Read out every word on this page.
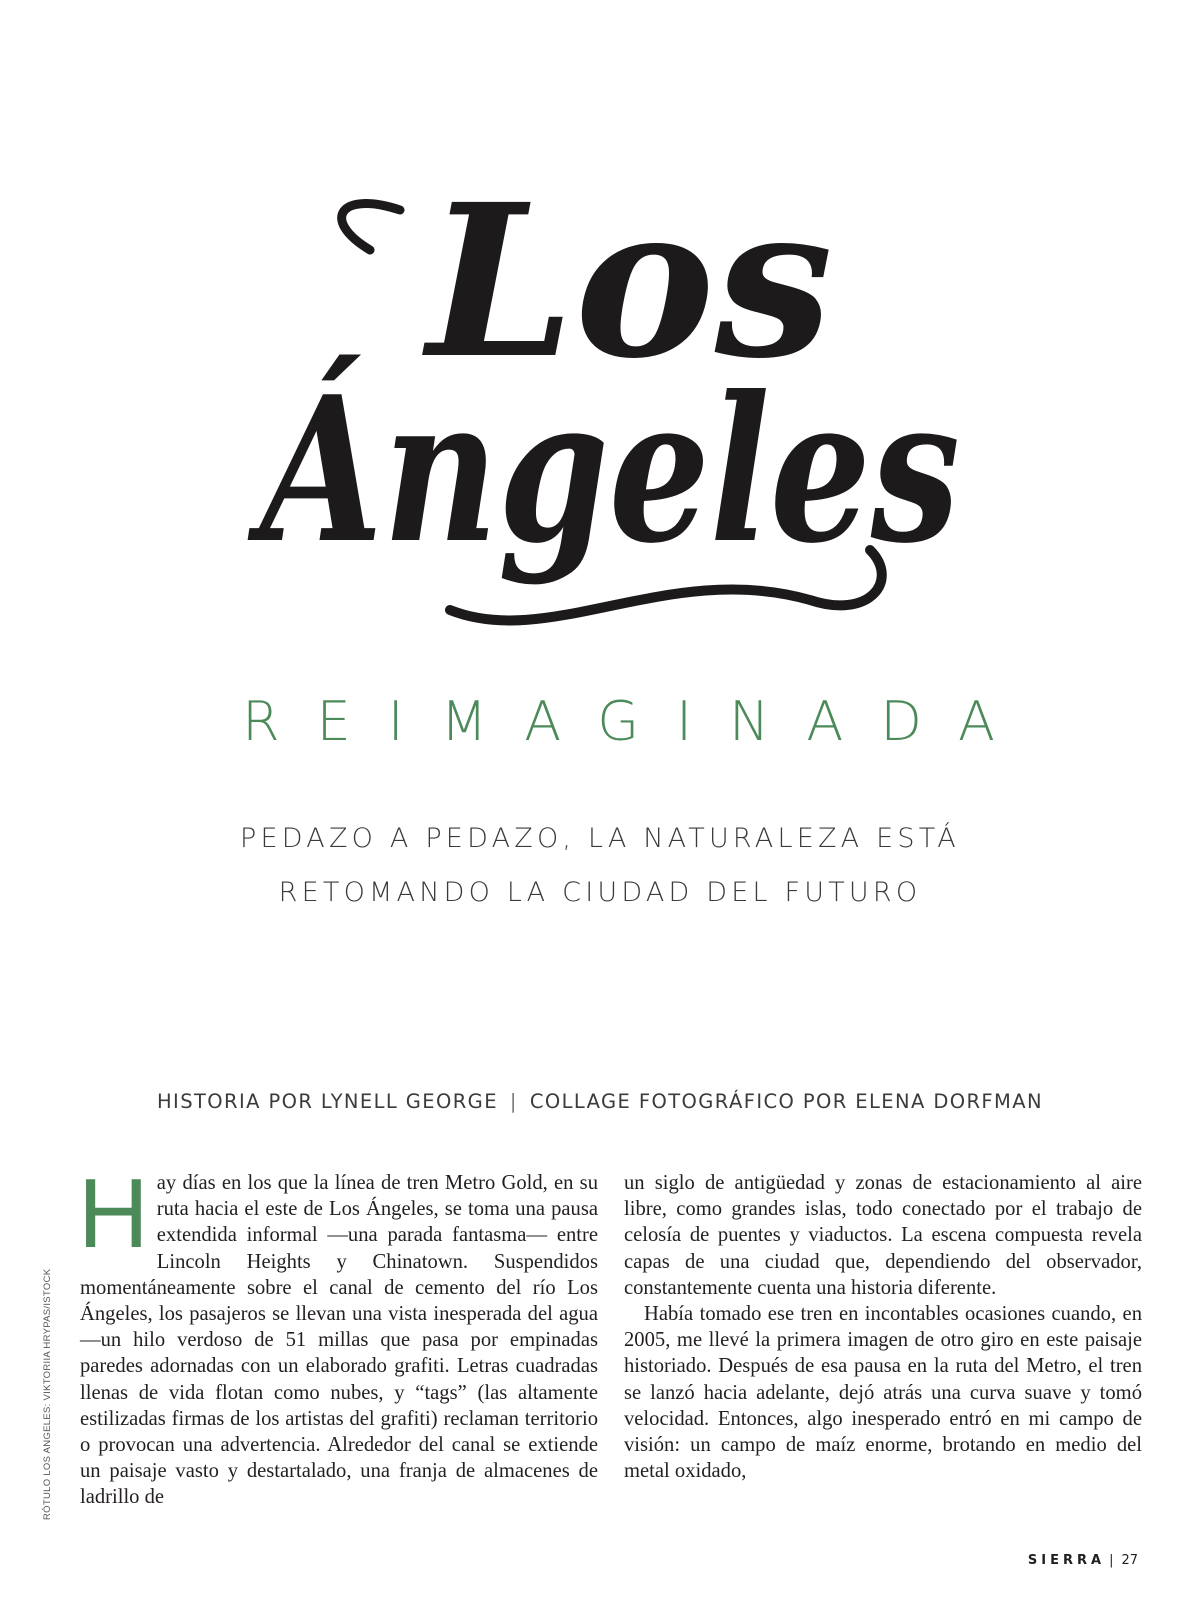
Los
Ángeles
REIMAGINADA
PEDAZO A PEDAZO, LA NATURALEZA ESTÁ
RETOMANDO LA CIUDAD DEL FUTURO
HISTORIA POR LYNELL GEORGE | COLLAGE FOTOGRÁFICO POR ELENA DORFMAN
RÓTULO LOS ANGELES: VIKTORIIA HRYPAS/ISTOCK

Hay días en los que la línea de tren Metro Gold, en su ruta hacia el este de Los Ángeles, se toma una pausa extendida informal —una parada fantasma— entre Lincoln Heights y Chinatown. Suspendidos momentáneamente sobre el canal de cemento del río Los Ángeles, los pasajeros se llevan una vista inesperada del agua —un hilo verdoso de 51 millas que pasa por empinadas paredes adornadas con un elaborado grafiti. Letras cuadradas llenas de vida flotan como nubes, y “tags” (las altamente estilizadas firmas de los artistas del grafiti) reclaman territorio o provocan una advertencia. Alrededor del canal se extiende un paisaje vasto y destartalado, una franja de almacenes de ladrillo de

un siglo de antigüedad y zonas de estacionamiento al aire libre, como grandes islas, todo conectado por el trabajo de celosía de puentes y viaductos. La escena compuesta revela capas de una ciudad que, dependiendo del observador, constantemente cuenta una historia diferente.

Había tomado ese tren en incontables ocasiones cuando, en 2005, me llevé la primera imagen de otro giro en este paisaje historiado. Después de esa pausa en la ruta del Metro, el tren se lanzó hacia adelante, dejó atrás una curva suave y tomó velocidad. Entonces, algo inesperado entró en mi campo de visión: un campo de maíz enorme, brotando en medio del metal oxidado,

SIERRA | 27
